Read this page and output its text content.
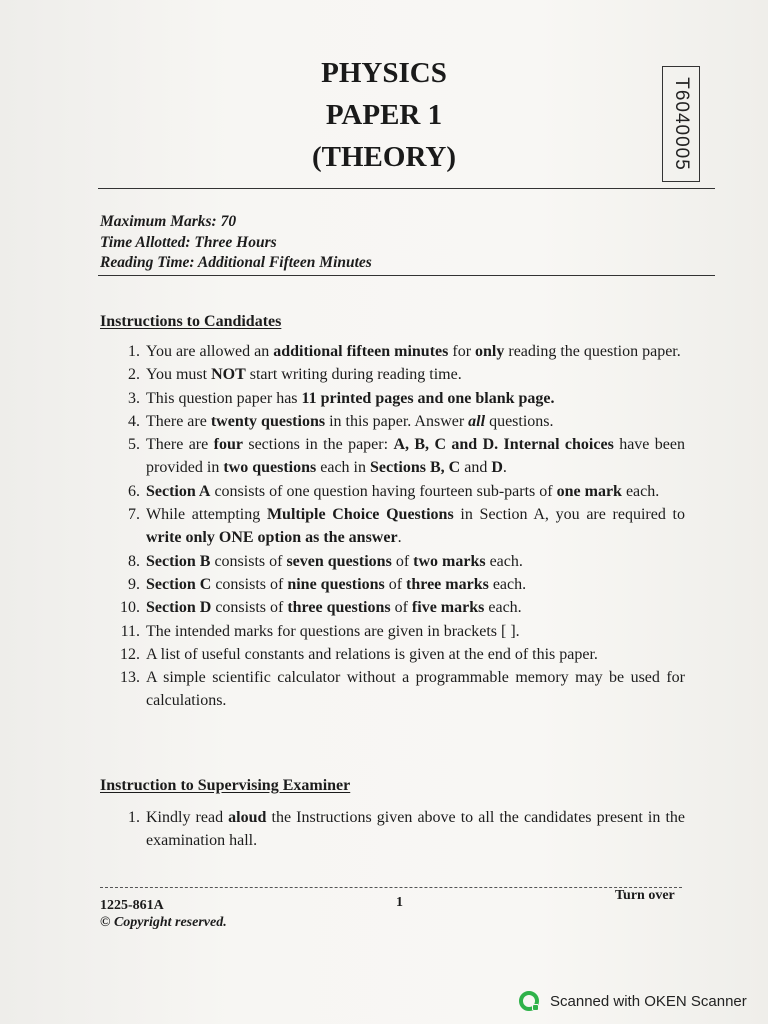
PHYSICS
PAPER 1
(THEORY)	T6040005
Maximum Marks: 70
Time Allotted: Three Hours
Reading Time: Additional Fifteen Minutes
Instructions to Candidates
1. You are allowed an additional fifteen minutes for only reading the question paper.
2. You must NOT start writing during reading time.
3. This question paper has 11 printed pages and one blank page.
4. There are twenty questions in this paper. Answer all questions.
5. There are four sections in the paper: A, B, C and D. Internal choices have been provided in two questions each in Sections B, C and D.
6. Section A consists of one question having fourteen sub-parts of one mark each.
7. While attempting Multiple Choice Questions in Section A, you are required to write only ONE option as the answer.
8. Section B consists of seven questions of two marks each.
9. Section C consists of nine questions of three marks each.
10. Section D consists of three questions of five marks each.
11. The intended marks for questions are given in brackets [ ].
12. A list of useful constants and relations is given at the end of this paper.
13. A simple scientific calculator without a programmable memory may be used for calculations.
Instruction to Supervising Examiner
1. Kindly read aloud the Instructions given above to all the candidates present in the examination hall.
1225-861A
© Copyright reserved.
1	Turn over
Scanned with OKEN Scanner
